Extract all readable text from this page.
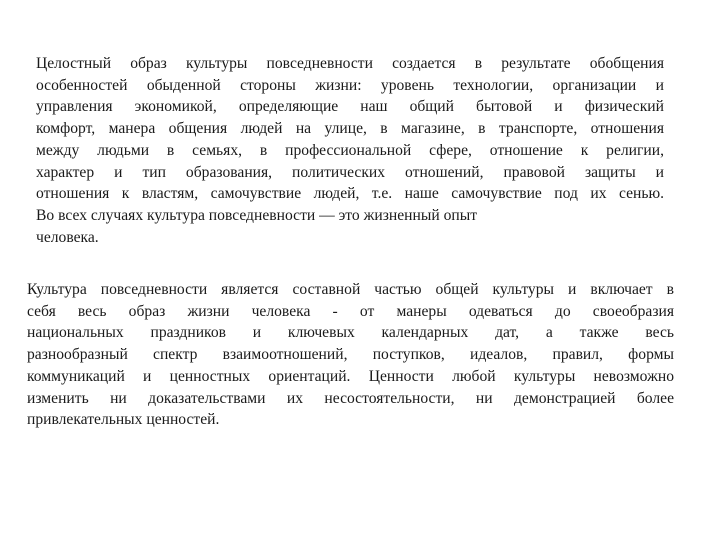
Целостный образ культуры повседневности создается в результате обобщения
особенностей обыденной стороны жизни: уровень технологии, организации и
управления экономикой, определяющие наш общий бытовой и физический
комфорт, манера общения людей на улице, в магазине, в транспорте, отношения
между людьми в семьях, в профессиональной сфере, отношение к религии,
характер и тип образования, политических отношений, правовой защиты и
отношения к властям, самочувствие людей, т.е. наше самочувствие под их сенью.
Во всех случаях культура повседневности — это жизненный опыт
человека.
Культура повседневности является составной частью общей культуры и включает в
себя весь образ жизни человека - от манеры одеваться до своеобразия
национальных праздников и ключевых календарных дат, а также весь
разнообразный спектр взаимоотношений, поступков, идеалов, правил, формы
коммуникаций и ценностных ориентаций. Ценности любой культуры невозможно
изменить ни доказательствами их несостоятельности, ни демонстрацией более
привлекательных ценностей.
